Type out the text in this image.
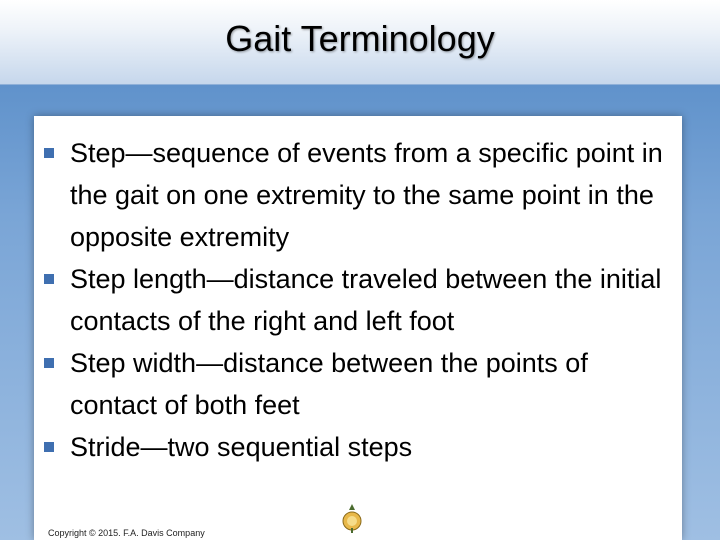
Gait Terminology
Step—sequence of events from a specific point in the gait on one extremity to the same point in the opposite extremity
Step length—distance traveled between the initial contacts of the right and left foot
Step width—distance between the points of contact of both feet
Stride—two sequential steps
Copyright © 2015. F.A. Davis Company
